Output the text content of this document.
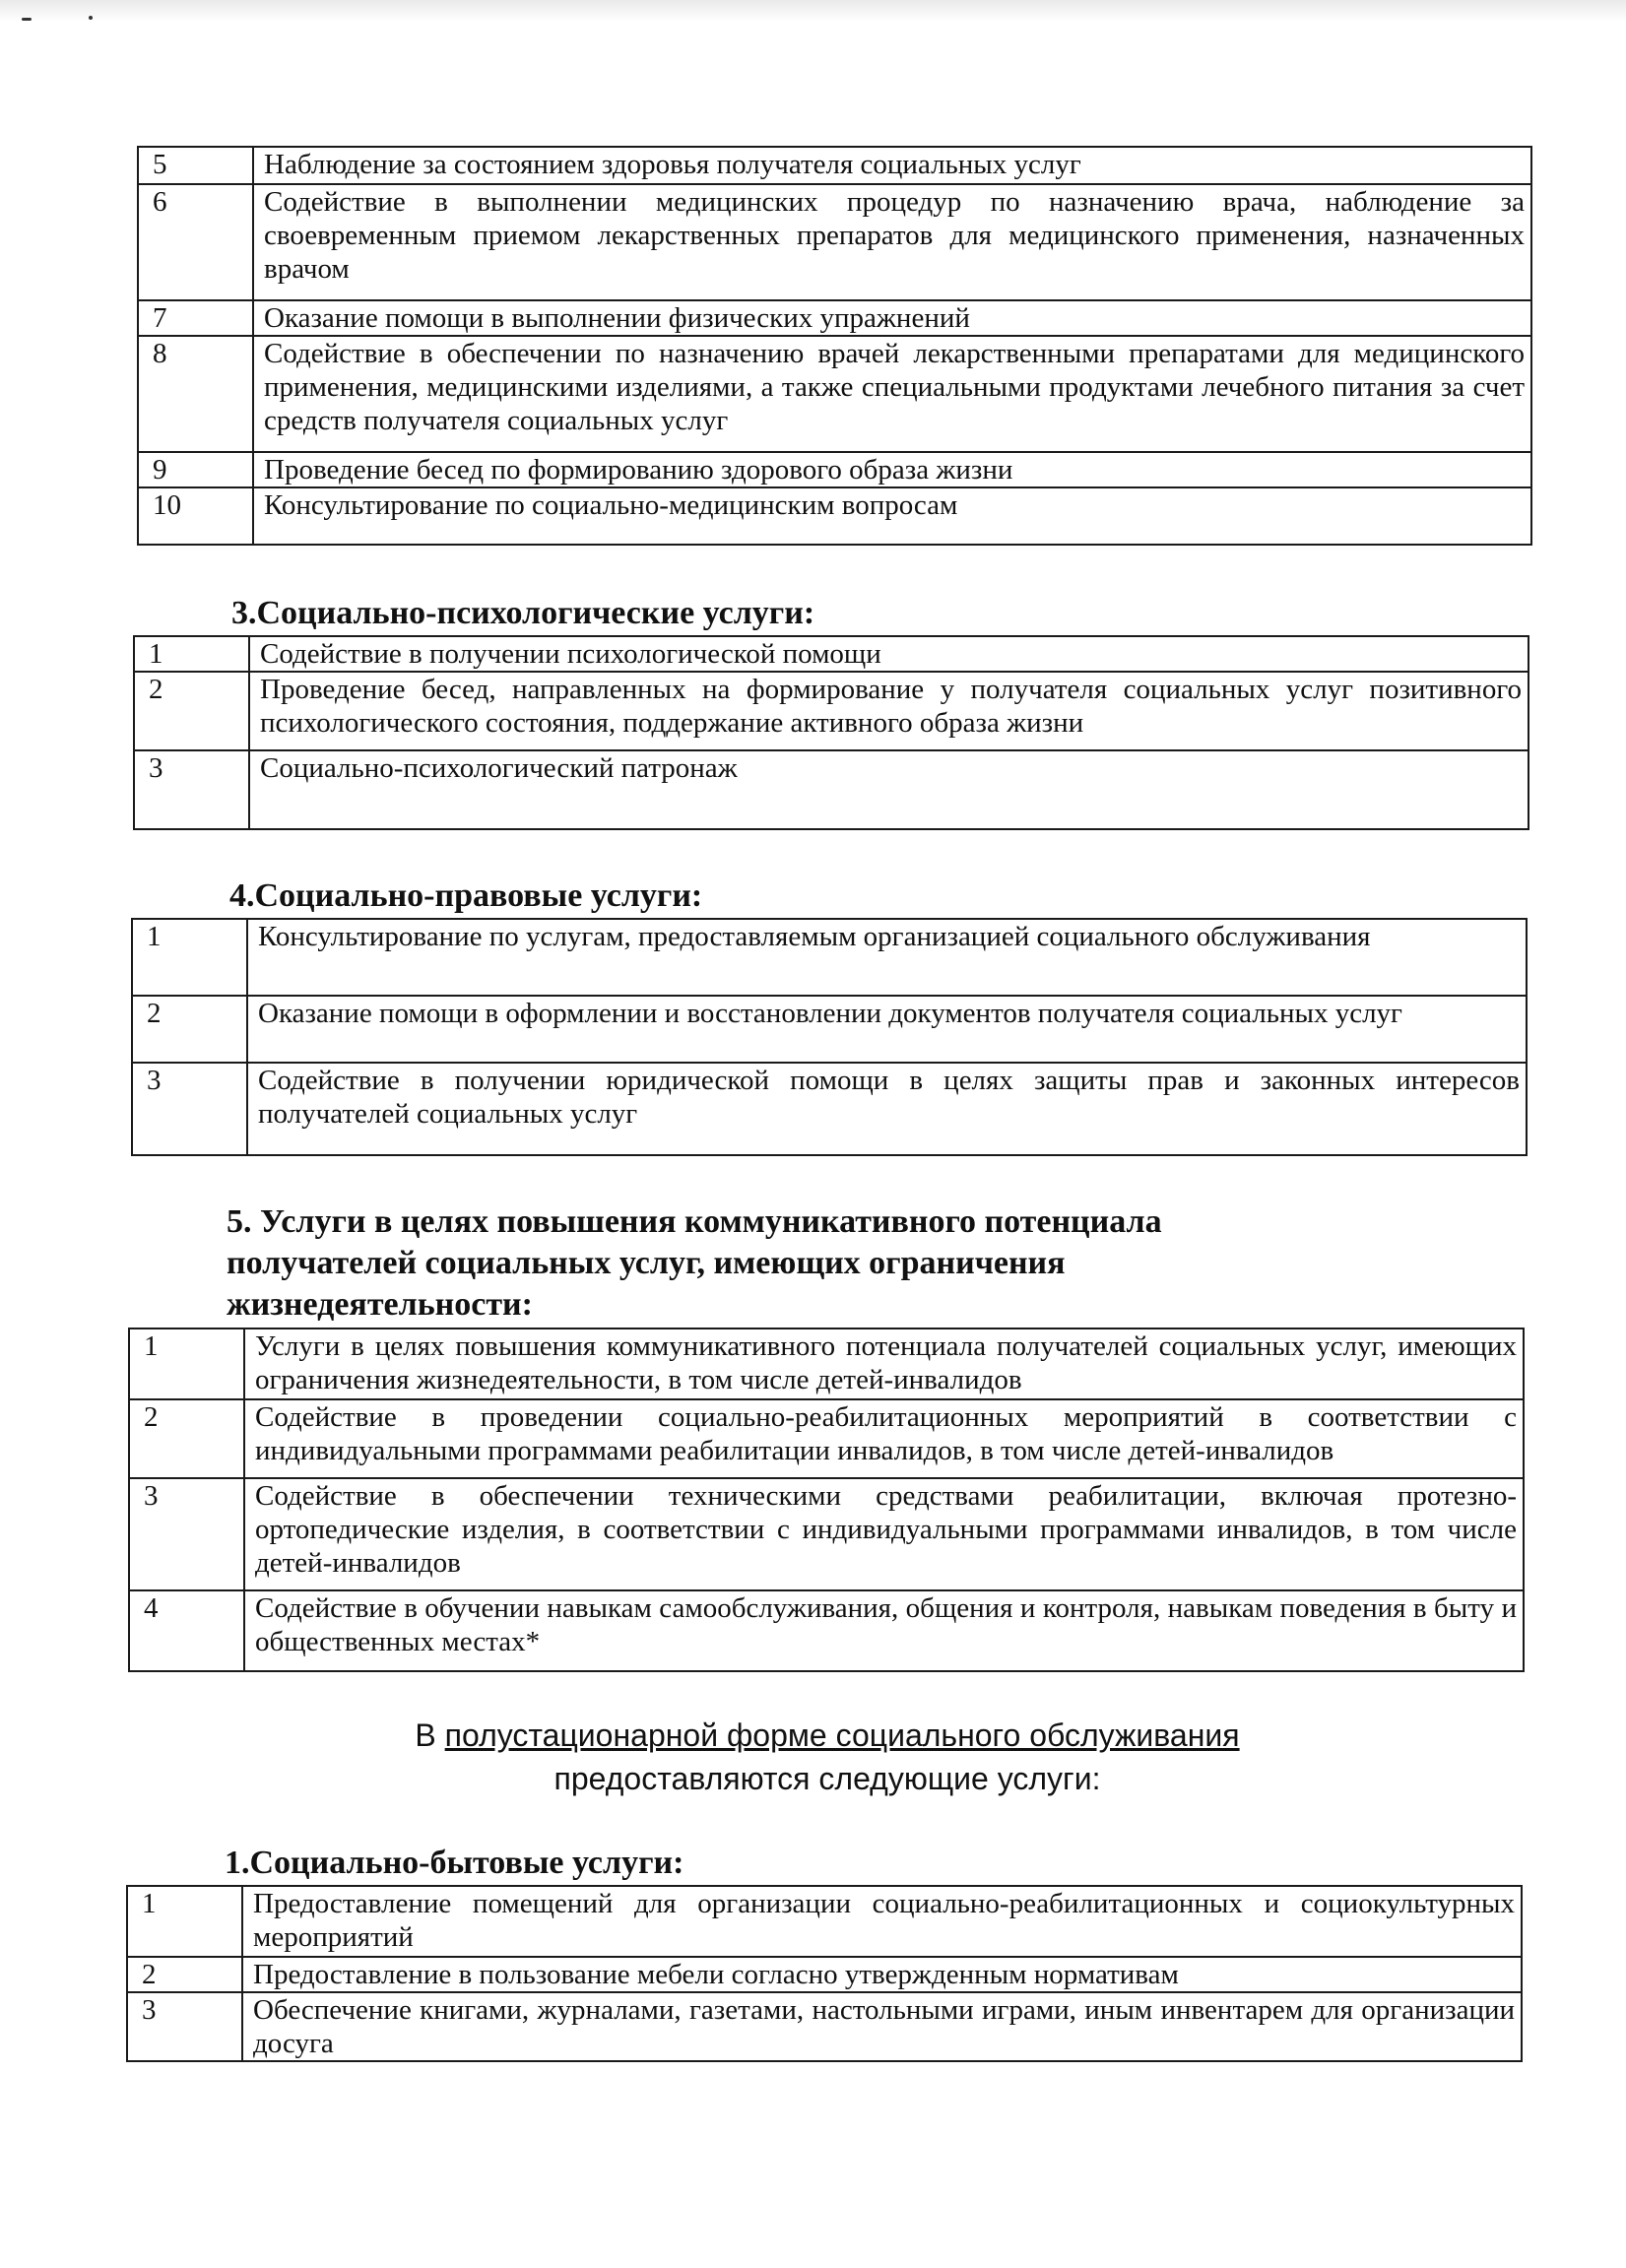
5	Наблюдение за состоянием здоровья получателя социальных услуг
6	Содействие в выполнении медицинских процедур по назначению врача, наблюдение за своевременным приемом лекарственных препаратов для медицинского применения, назначенных врачом
7	Оказание помощи в выполнении физических упражнений
8	Содействие в обеспечении по назначению врачей лекарственными препаратами для медицинского применения, медицинскими изделиями, а также специальными продуктами лечебного питания за счет средств получателя социальных услуг
9	Проведение бесед по формированию здорового образа жизни
10	Консультирование по социально-медицинским вопросам
3.Социально-психологические услуги:
1	Содействие в получении психологической помощи
2	Проведение бесед, направленных на формирование у получателя социальных услуг позитивного психологического состояния, поддержание активного образа жизни
3	Социально-психологический патронаж
4.Социально-правовые услуги:
1	Консультирование по услугам, предоставляемым организацией социального обслуживания
2	Оказание помощи в оформлении и восстановлении документов получателя социальных услуг
3	Содействие в получении юридической помощи в целях защиты прав и законных интересов получателей социальных услуг
5. Услуги в целях повышения коммуникативного потенциала
получателей социальных услуг, имеющих ограничения
жизнедеятельности:
1	Услуги в целях повышения коммуникативного потенциала получателей социальных услуг, имеющих ограничения жизнедеятельности, в том числе детей-инвалидов
2	Содействие в проведении социально-реабилитационных мероприятий в соответствии с индивидуальными программами реабилитации инвалидов, в том числе детей-инвалидов
3	Содействие в обеспечении техническими средствами реабилитации, включая протезно-ортопедические изделия, в соответствии с индивидуальными программами инвалидов, в том числе детей-инвалидов
4	Содействие в обучении навыкам самообслуживания, общения и контроля, навыкам поведения в быту и общественных местах*
В полустационарной форме социального обслуживания
предоставляются следующие услуги:
1.Социально-бытовые услуги:
1	Предоставление помещений для организации социально-реабилитационных и социокультурных мероприятий
2	Предоставление в пользование мебели согласно утвержденным нормативам
3	Обеспечение книгами, журналами, газетами, настольными играми, иным инвентарем для организации досуга
